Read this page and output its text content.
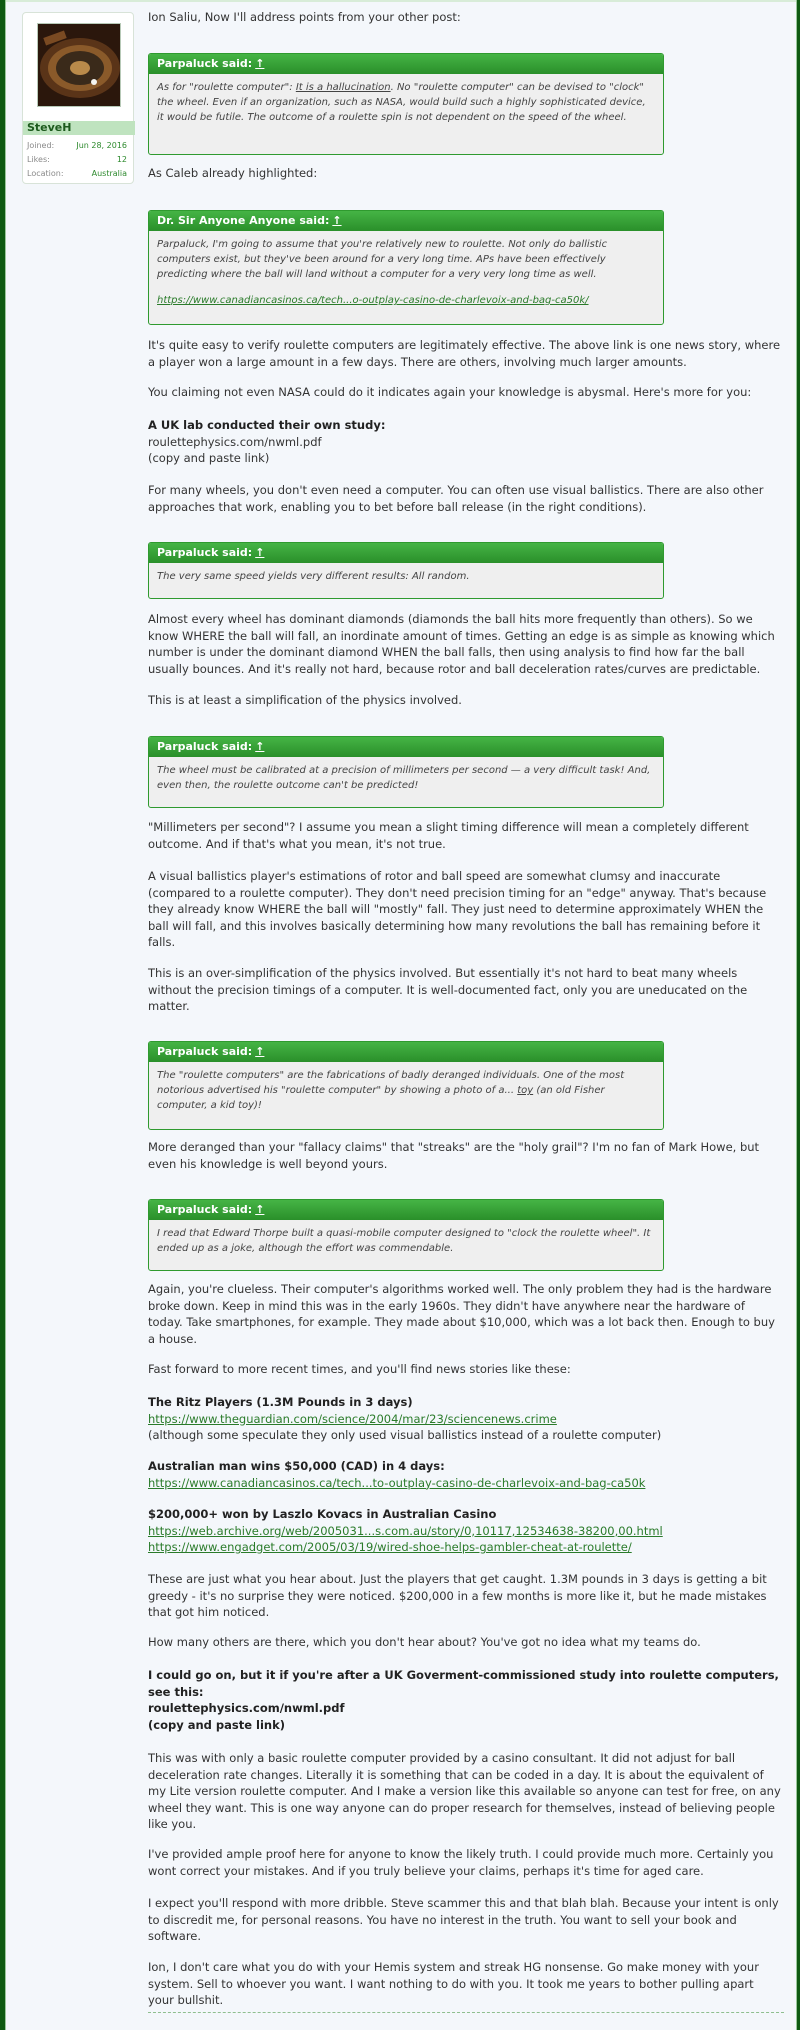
SteveH
Joined:	Jun 28, 2016
Likes:	12
Location:	Australia
Ion Saliu, Now I'll address points from your other post:
Parpaluck said: ↑
As for "roulette computer": It is a hallucination. No "roulette computer" can be devised to "clock" the wheel. Even if an organization, such as NASA, would build such a highly sophisticated device, it would be futile. The outcome of a roulette spin is not dependent on the speed of the wheel.
As Caleb already highlighted:
Dr. Sir Anyone Anyone said: ↑
Parpaluck, I'm going to assume that you're relatively new to roulette. Not only do ballistic computers exist, but they've been around for a very long time. APs have been effectively predicting where the ball will land without a computer for a very very long time as well.
https://www.canadiancasinos.ca/tech...o-outplay-casino-de-charlevoix-and-bag-ca50k/
It's quite easy to verify roulette computers are legitimately effective. The above link is one news story, where a player won a large amount in a few days. There are others, involving much larger amounts.
You claiming not even NASA could do it indicates again your knowledge is abysmal. Here's more for you:
A UK lab conducted their own study:
roulettephysics.com/nwml.pdf
(copy and paste link)
For many wheels, you don't even need a computer. You can often use visual ballistics. There are also other approaches that work, enabling you to bet before ball release (in the right conditions).
Parpaluck said: ↑
The very same speed yields very different results: All random.
Almost every wheel has dominant diamonds (diamonds the ball hits more frequently than others). So we know WHERE the ball will fall, an inordinate amount of times. Getting an edge is as simple as knowing which number is under the dominant diamond WHEN the ball falls, then using analysis to find how far the ball usually bounces. And it's really not hard, because rotor and ball deceleration rates/curves are predictable.
This is at least a simplification of the physics involved.
Parpaluck said: ↑
The wheel must be calibrated at a precision of millimeters per second — a very difficult task! And, even then, the roulette outcome can't be predicted!
"Millimeters per second"? I assume you mean a slight timing difference will mean a completely different outcome. And if that's what you mean, it's not true.
A visual ballistics player's estimations of rotor and ball speed are somewhat clumsy and inaccurate (compared to a roulette computer). They don't need precision timing for an "edge" anyway. That's because they already know WHERE the ball will "mostly" fall. They just need to determine approximately WHEN the ball will fall, and this involves basically determining how many revolutions the ball has remaining before it falls.
This is an over-simplification of the physics involved. But essentially it's not hard to beat many wheels without the precision timings of a computer. It is well-documented fact, only you are uneducated on the matter.
Parpaluck said: ↑
The "roulette computers" are the fabrications of badly deranged individuals. One of the most notorious advertised his "roulette computer" by showing a photo of a... toy (an old Fisher computer, a kid toy)!
More deranged than your "fallacy claims" that "streaks" are the "holy grail"? I'm no fan of Mark Howe, but even his knowledge is well beyond yours.
Parpaluck said: ↑
I read that Edward Thorpe built a quasi-mobile computer designed to "clock the roulette wheel". It ended up as a joke, although the effort was commendable.
Again, you're clueless. Their computer's algorithms worked well. The only problem they had is the hardware broke down. Keep in mind this was in the early 1960s. They didn't have anywhere near the hardware of today. Take smartphones, for example. They made about $10,000, which was a lot back then. Enough to buy a house.
Fast forward to more recent times, and you'll find news stories like these:
The Ritz Players (1.3M Pounds in 3 days)
https://www.theguardian.com/science/2004/mar/23/sciencenews.crime
(although some speculate they only used visual ballistics instead of a roulette computer)
Australian man wins $50,000 (CAD) in 4 days:
https://www.canadiancasinos.ca/tech...to-outplay-casino-de-charlevoix-and-bag-ca50k
$200,000+ won by Laszlo Kovacs in Australian Casino
https://web.archive.org/web/2005031...s.com.au/story/0,10117,12534638-38200,00.html
https://www.engadget.com/2005/03/19/wired-shoe-helps-gambler-cheat-at-roulette/
These are just what you hear about. Just the players that get caught. 1.3M pounds in 3 days is getting a bit greedy - it's no surprise they were noticed. $200,000 in a few months is more like it, but he made mistakes that got him noticed.
How many others are there, which you don't hear about? You've got no idea what my teams do.
I could go on, but it if you're after a UK Goverment-commissioned study into roulette computers, see this:
roulettephysics.com/nwml.pdf
(copy and paste link)
This was with only a basic roulette computer provided by a casino consultant. It did not adjust for ball deceleration rate changes. Literally it is something that can be coded in a day. It is about the equivalent of my Lite version roulette computer. And I make a version like this available so anyone can test for free, on any wheel they want. This is one way anyone can do proper research for themselves, instead of believing people like you.
I've provided ample proof here for anyone to know the likely truth. I could provide much more. Certainly you wont correct your mistakes. And if you truly believe your claims, perhaps it's time for aged care.
I expect you'll respond with more dribble. Steve scammer this and that blah blah. Because your intent is only to discredit me, for personal reasons. You have no interest in the truth. You want to sell your book and software.
Ion, I don't care what you do with your Hemis system and streak HG nonsense. Go make money with your system. Sell to whoever you want. I want nothing to do with you. It took me years to bother pulling apart your bullshit.
